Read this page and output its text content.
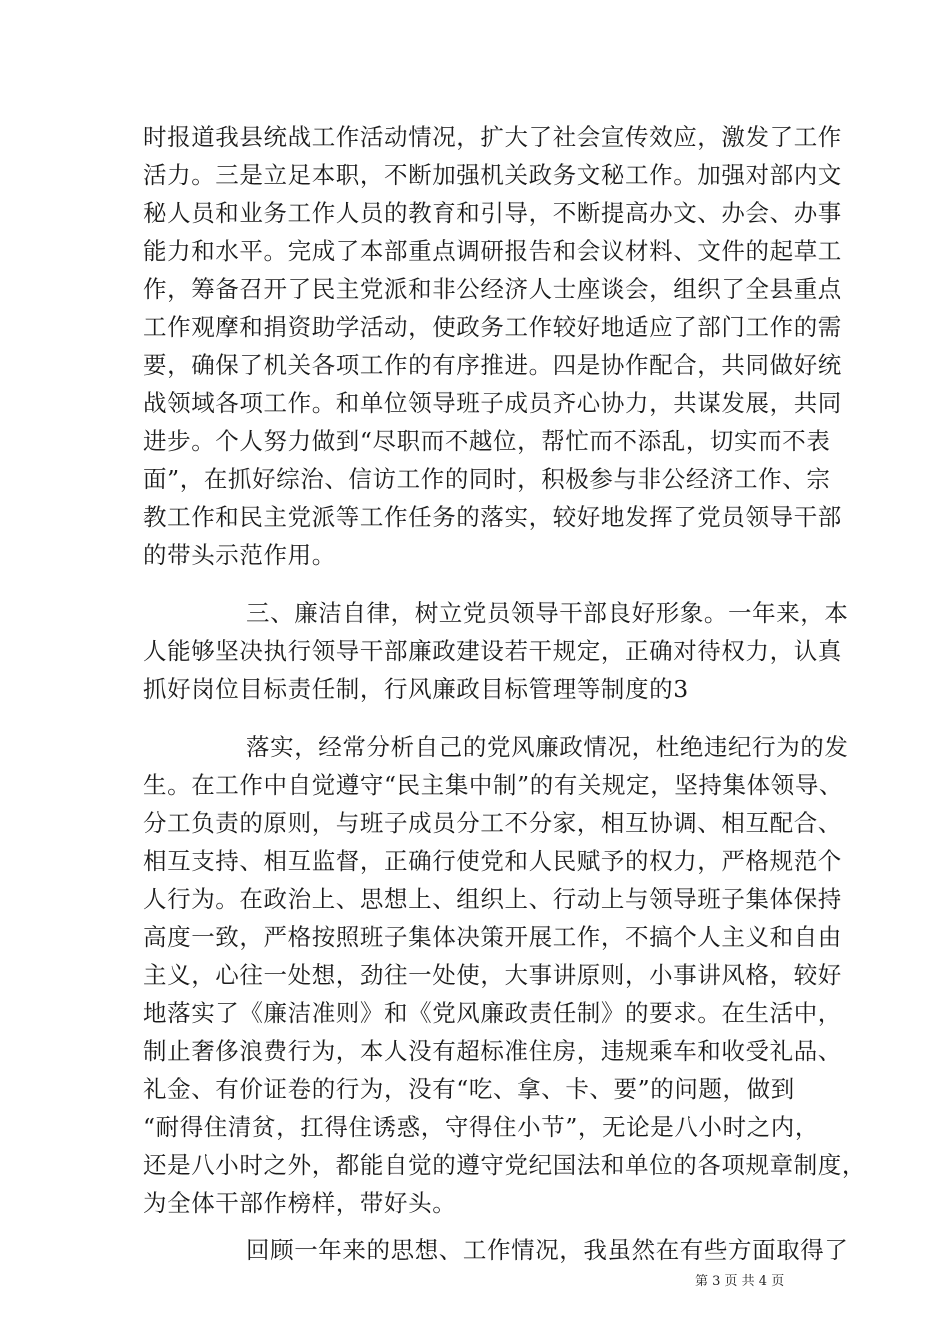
时报道我县统战工作活动情况，扩大了社会宣传效应，激发了工作
活力。三是立足本职，不断加强机关政务文秘工作。加强对部内文
秘人员和业务工作人员的教育和引导，不断提高办文、办会、办事
能力和水平。完成了本部重点调研报告和会议材料、文件的起草工
作，筹备召开了民主党派和非公经济人士座谈会，组织了全县重点
工作观摩和捐资助学活动，使政务工作较好地适应了部门工作的需
要，确保了机关各项工作的有序推进。四是协作配合，共同做好统
战领域各项工作。和单位领导班子成员齐心协力，共谋发展，共同
进步。个人努力做到“尽职而不越位，帮忙而不添乱，切实而不表
面”，在抓好综治、信访工作的同时，积极参与非公经济工作、宗
教工作和民主党派等工作任务的落实，较好地发挥了党员领导干部
的带头示范作用。
三、廉洁自律，树立党员领导干部良好形象。一年来，本
人能够坚决执行领导干部廉政建设若干规定，正确对待权力，认真
抓好岗位目标责任制，行风廉政目标管理等制度的3
落实，经常分析自己的党风廉政情况，杜绝违纪行为的发
生。在工作中自觉遵守“民主集中制”的有关规定，坚持集体领导、
分工负责的原则，与班子成员分工不分家，相互协调、相互配合、
相互支持、相互监督，正确行使党和人民赋予的权力，严格规范个
人行为。在政治上、思想上、组织上、行动上与领导班子集体保持
高度一致，严格按照班子集体决策开展工作，不搞个人主义和自由
主义，心往一处想，劲往一处使，大事讲原则，小事讲风格，较好
地落实了《廉洁准则》和《党风廉政责任制》的要求。在生活中，
制止奢侈浪费行为，本人没有超标准住房，违规乘车和收受礼品、
礼金、有价证卷的行为，没有“吃、拿、卡、要”的问题，做到
“耐得住清贫，扛得住诱惑，守得住小节”，无论是八小时之内，
还是八小时之外，都能自觉的遵守党纪国法和单位的各项规章制度，
为全体干部作榜样，带好头。
回顾一年来的思想、工作情况，我虽然在有些方面取得了
第 3 页 共 4 页
